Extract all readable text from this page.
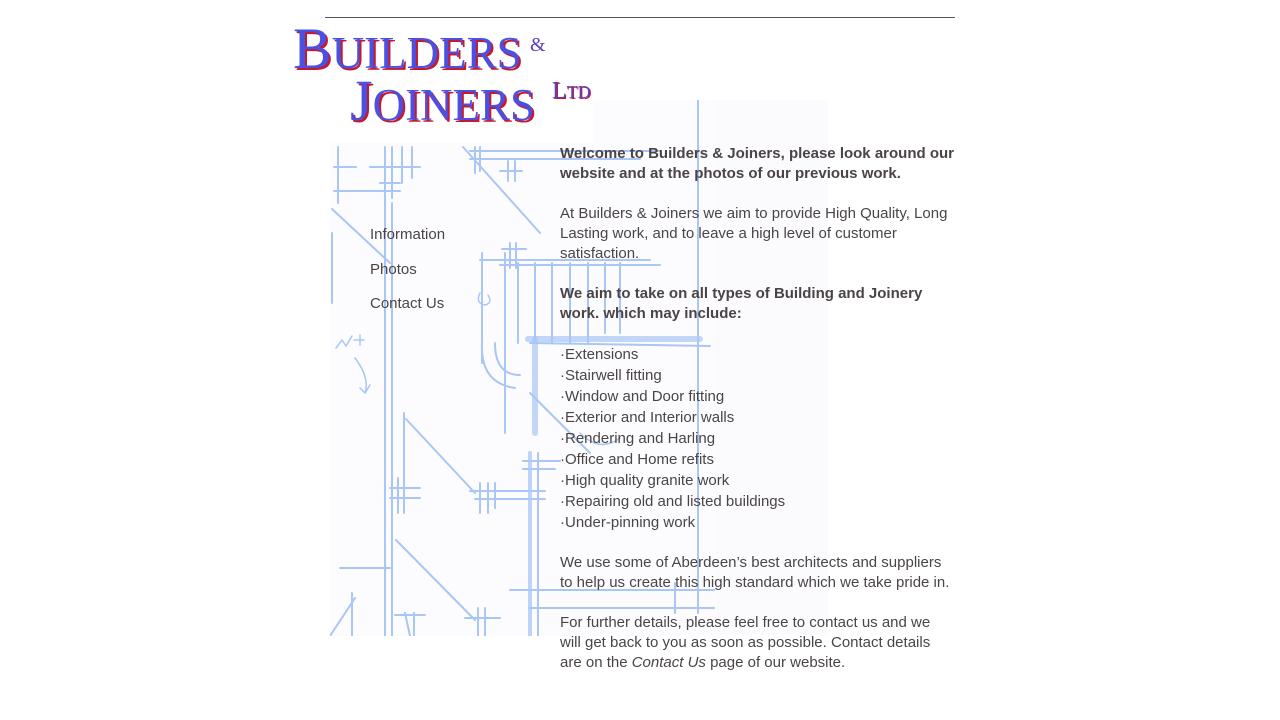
BUILDERS &
JOINERS LTD
Information
Photos
Contact Us

Welcome to Builders & Joiners, please look around our website and at the photos of our previous work.

At Builders & Joiners we aim to provide High Quality, Long Lasting work, and to leave a high level of customer satisfaction.

We aim to take on all types of Building and Joinery work. which may include:

·Extensions
·Stairwell fitting
·Window and Door fitting
·Exterior and Interior walls
·Rendering and Harling
·Office and Home refits
·High quality granite work
·Repairing old and listed buildings
·Under-pinning work

We use some of Aberdeen’s best architects and suppliers to help us create this high standard which we take pride in.

For further details, please feel free to contact us and we will get back to you as soon as possible. Contact details are on the Contact Us page of our website.
